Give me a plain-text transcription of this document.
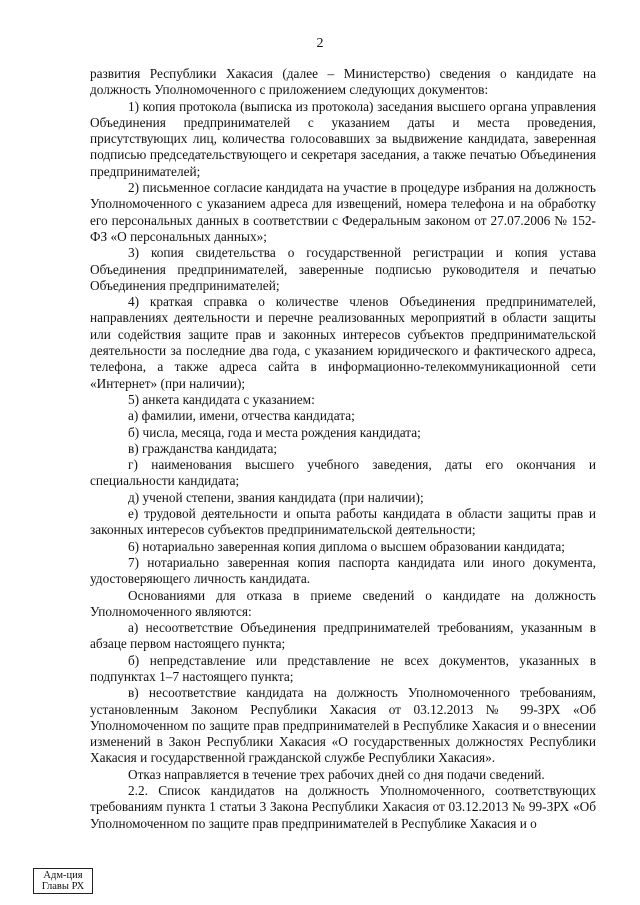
2

развития Республики Хакасия (далее – Министерство) сведения о кандидате на должность Уполномоченного с приложением следующих документов:

1) копия протокола (выписка из протокола) заседания высшего органа управления Объединения предпринимателей с указанием даты и места проведения, присутствующих лиц, количества голосовавших за выдвижение кандидата, заверенная подписью председательствующего и секретаря заседания, а также печатью Объединения предпринимателей;

2) письменное согласие кандидата на участие в процедуре избрания на должность Уполномоченного с указанием адреса для извещений, номера телефона и на обработку его персональных данных в соответствии с Федеральным законом от 27.07.2006 № 152-ФЗ «О персональных данных»;

3) копия свидетельства о государственной регистрации и копия устава Объединения предпринимателей, заверенные подписью руководителя и печатью Объединения предпринимателей;

4) краткая справка о количестве членов Объединения предпринимателей, направлениях деятельности и перечне реализованных мероприятий в области защиты или содействия защите прав и законных интересов субъектов предпринимательской деятельности за последние два года, с указанием юридического и фактического адреса, телефона, а также адреса сайта в информационно-телекоммуникационной сети «Интернет» (при наличии);

5) анкета кандидата с указанием:

а) фамилии, имени, отчества кандидата;

б) числа, месяца, года и места рождения кандидата;

в) гражданства кандидата;

г) наименования высшего учебного заведения, даты его окончания и специальности кандидата;

д) ученой степени, звания кандидата (при наличии);

е) трудовой деятельности и опыта работы кандидата в области защиты прав и законных интересов субъектов предпринимательской деятельности;

6) нотариально заверенная копия диплома о высшем образовании кандидата;

7) нотариально заверенная копия паспорта кандидата или иного документа, удостоверяющего личность кандидата.

Основаниями для отказа в приеме сведений о кандидате на должность Уполномоченного являются:

а) несоответствие Объединения предпринимателей требованиям, указанным в абзаце первом настоящего пункта;

б) непредставление или представление не всех документов, указанных в подпунктах 1–7 настоящего пункта;

в) несоответствие кандидата на должность Уполномоченного требованиям, установленным Законом Республики Хакасия от 03.12.2013 № 99-ЗРХ «Об Уполномоченном по защите прав предпринимателей в Республике Хакасия и о внесении изменений в Закон Республики Хакасия «О государственных должностях Республики Хакасия и государственной гражданской службе Республики Хакасия».

Отказ направляется в течение трех рабочих дней со дня подачи сведений.

2.2. Список кандидатов на должность Уполномоченного, соответствующих требованиям пункта 1 статьи 3 Закона Республики Хакасия от 03.12.2013 № 99-ЗРХ «Об Уполномоченном по защите прав предпринимателей в Республике Хакасия и о

Адм-ция
Главы РХ
